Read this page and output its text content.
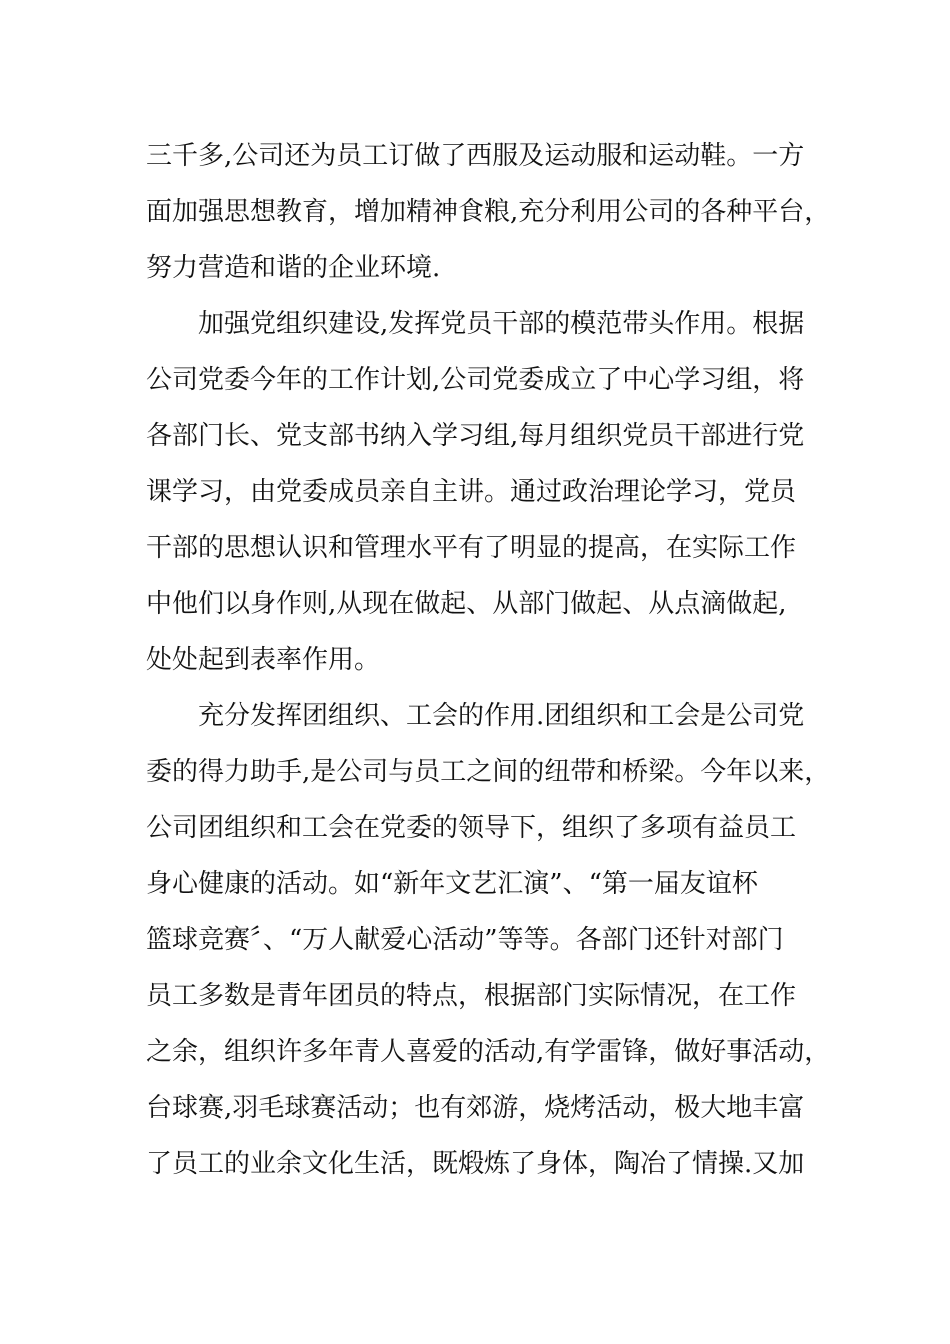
三千多,公司还为员工订做了西服及运动服和运动鞋。一方
面加强思想教育，增加精神食粮,充分利用公司的各种平台，
努力营造和谐的企业环境.
加强党组织建设,发挥党员干部的模范带头作用。根据
公司党委今年的工作计划,公司党委成立了中心学习组，将
各部门长、党支部书纳入学习组,每月组织党员干部进行党
课学习，由党委成员亲自主讲。通过政治理论学习，党员
干部的思想认识和管理水平有了明显的提高，在实际工作
中他们以身作则,从现在做起、从部门做起、从点滴做起,
处处起到表率作用。
充分发挥团组织、工会的作用.团组织和工会是公司党
委的得力助手,是公司与员工之间的纽带和桥梁。今年以来，
公司团组织和工会在党委的领导下，组织了多项有益员工
身心健康的活动。如“新年文艺汇演”、“第一届友谊杯
篮球竞赛〞、“万人献爱心活动”等等。各部门还针对部门
员工多数是青年团员的特点，根据部门实际情况，在工作
之余，组织许多年青人喜爱的活动,有学雷锋，做好事活动，
台球赛,羽毛球赛活动；也有郊游，烧烤活动，极大地丰富
了员工的业余文化生活，既煅炼了身体，陶冶了情操.又加
